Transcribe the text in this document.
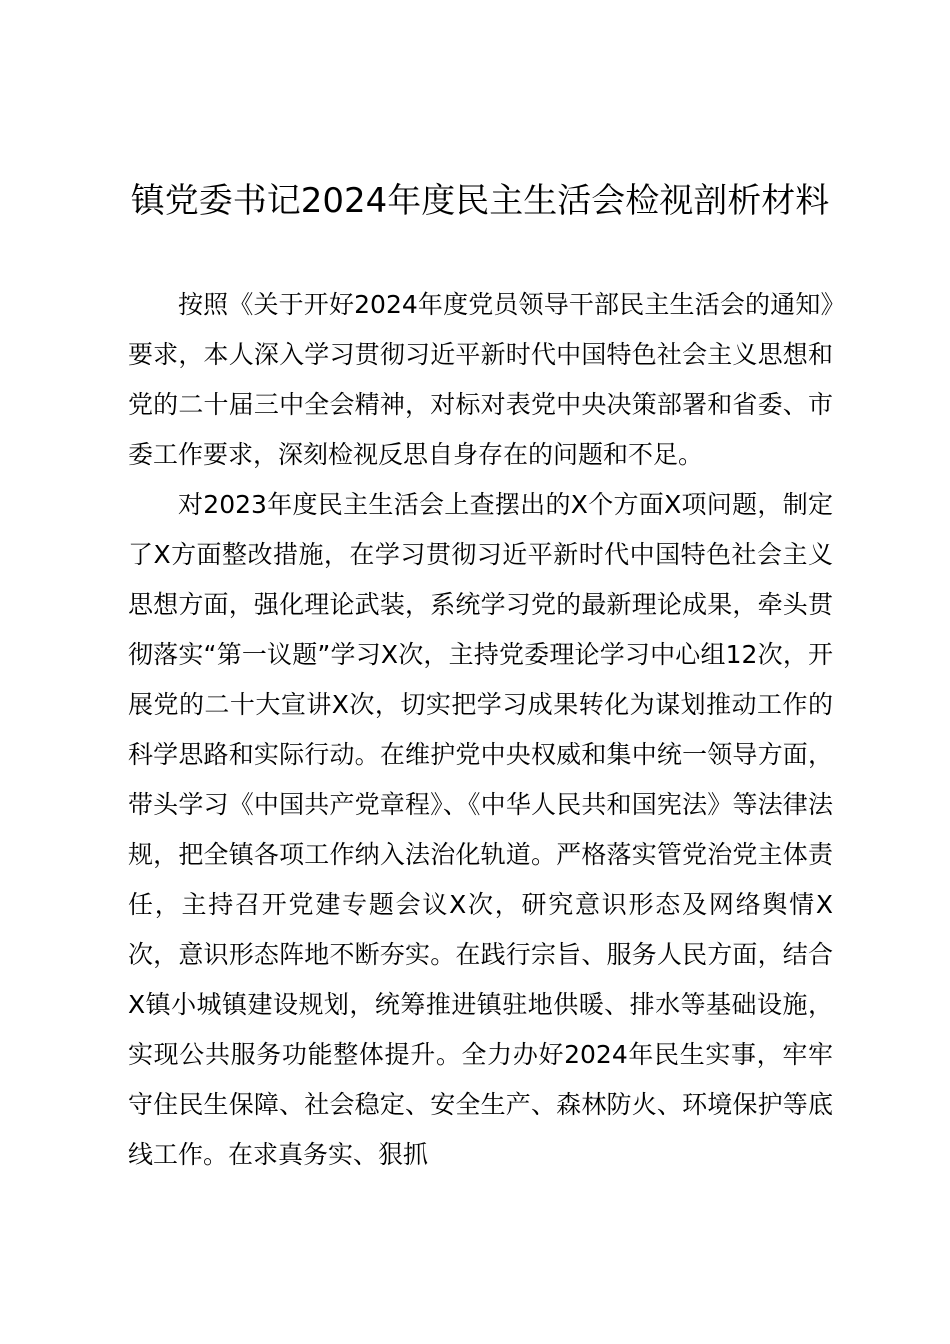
镇党委书记2024年度民主生活会检视剖析材料

按照《关于开好2024年度党员领导干部民主生活会的通知》要求，本人深入学习贯彻习近平新时代中国特色社会主义思想和党的二十届三中全会精神，对标对表党中央决策部署和省委、市委工作要求，深刻检视反思自身存在的问题和不足。

对2023年度民主生活会上查摆出的X个方面X项问题，制定了X方面整改措施，在学习贯彻习近平新时代中国特色社会主义思想方面，强化理论武装，系统学习党的最新理论成果，牵头贯彻落实“第一议题”学习X次，主持党委理论学习中心组12次，开展党的二十大宣讲X次，切实把学习成果转化为谋划推动工作的科学思路和实际行动。在维护党中央权威和集中统一领导方面，带头学习《中国共产党章程》、《中华人民共和国宪法》等法律法规，把全镇各项工作纳入法治化轨道。严格落实管党治党主体责任，主持召开党建专题会议X次，研究意识形态及网络舆情X次，意识形态阵地不断夯实。在践行宗旨、服务人民方面，结合X镇小城镇建设规划，统筹推进镇驻地供暖、排水等基础设施，实现公共服务功能整体提升。全力办好2024年民生实事，牢牢守住民生保障、社会稳定、安全生产、森林防火、环境保护等底线工作。在求真务实、狠抓
